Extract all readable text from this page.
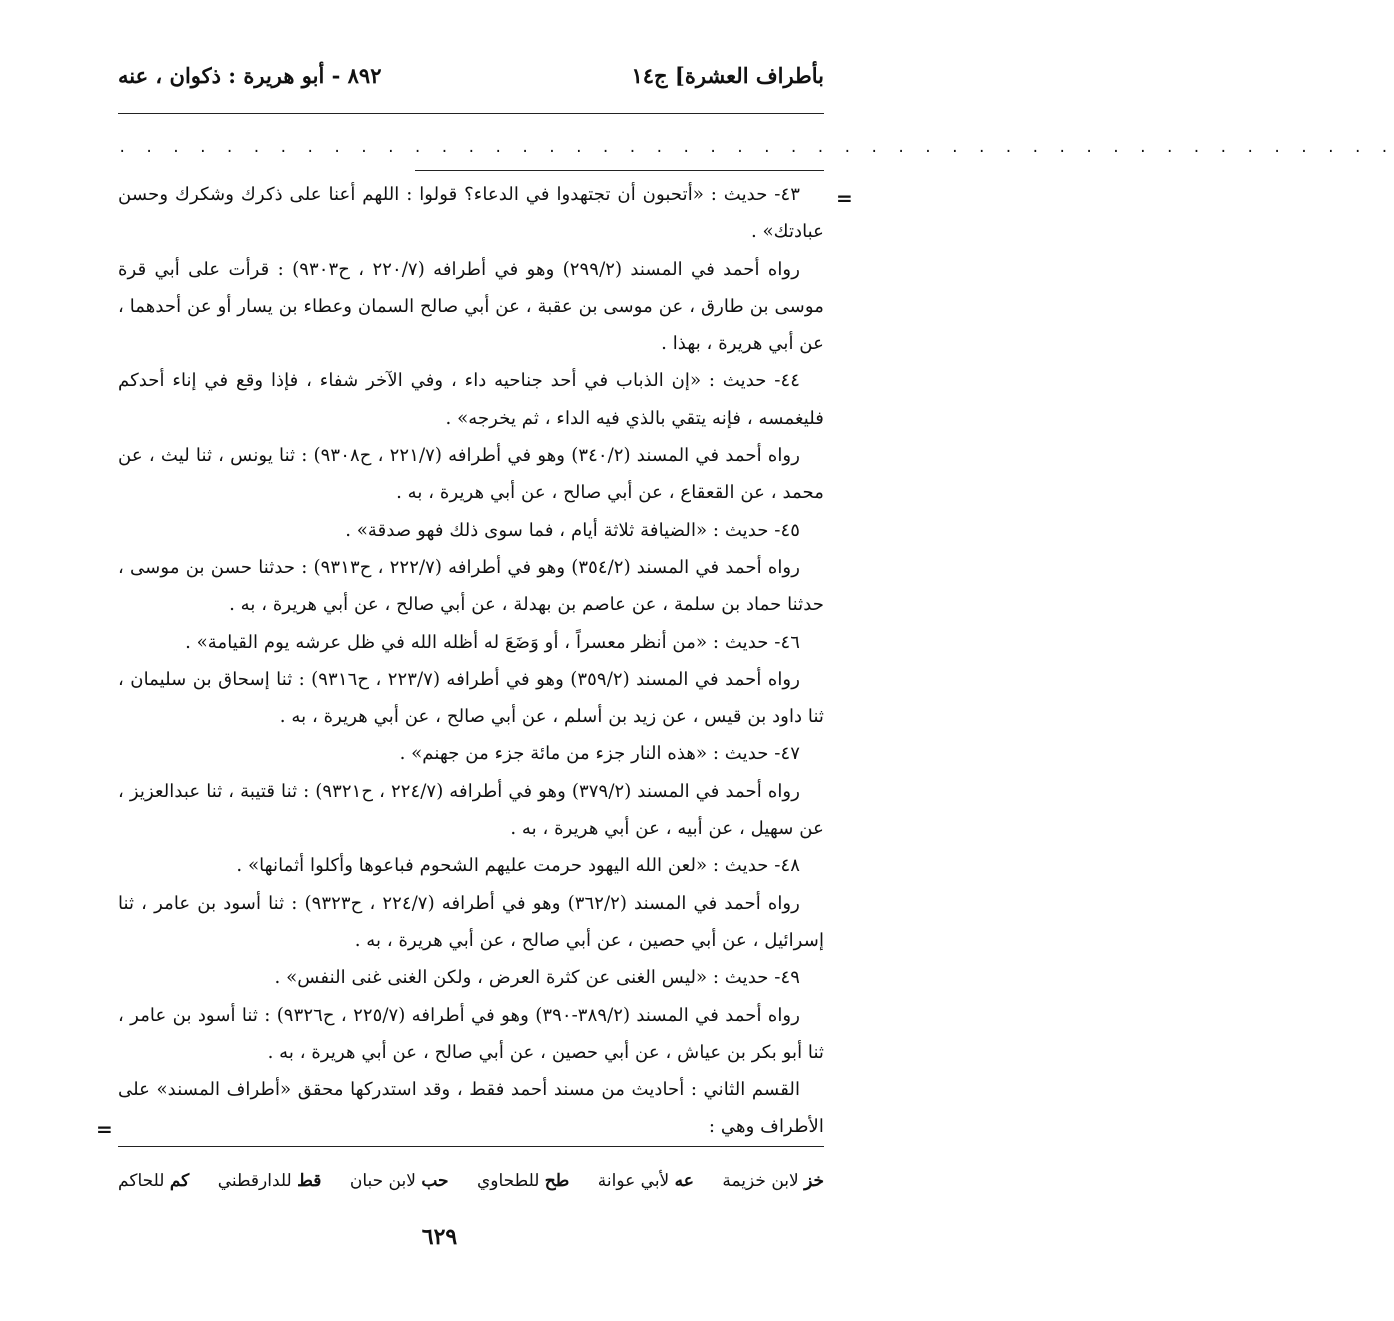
بأطراف العشرة] ج١٤
٨٩٢ - أبو هريرة : ذكوان ، عنه
. . . . . . . . . . . . . . . . . . . . . . . . . . . . . . . . . . . . . . . . . . . . . . . .
=

٤٣- حديث : «أتحبون أن تجتهدوا في الدعاء؟ قولوا : اللهم أعنا على ذكرك وشكرك وحسن عبادتك» .

رواه أحمد في المسند (٢٩٩/٢) وهو في أطرافه (٢٢٠/٧ ، ح٩٣٠٣) : قرأت على أبي قرة موسى بن طارق ، عن موسى بن عقبة ، عن أبي صالح السمان وعطاء بن يسار أو عن أحدهما ، عن أبي هريرة ، بهذا .

٤٤- حديث : «إن الذباب في أحد جناحيه داء ، وفي الآخر شفاء ، فإذا وقع في إناء أحدكم فليغمسه ، فإنه يتقي بالذي فيه الداء ، ثم يخرجه» .

رواه أحمد في المسند (٣٤٠/٢) وهو في أطرافه (٢٢١/٧ ، ح٩٣٠٨) : ثنا يونس ، ثنا ليث ، عن محمد ، عن القعقاع ، عن أبي صالح ، عن أبي هريرة ، به .

٤٥- حديث : «الضيافة ثلاثة أيام ، فما سوى ذلك فهو صدقة» .

رواه أحمد في المسند (٣٥٤/٢) وهو في أطرافه (٢٢٢/٧ ، ح٩٣١٣) : حدثنا حسن بن موسى ، حدثنا حماد بن سلمة ، عن عاصم بن بهدلة ، عن أبي صالح ، عن أبي هريرة ، به .

٤٦- حديث : «من أنظر معسراً ، أو وَضَعَ له أظله الله في ظل عرشه يوم القيامة» .

رواه أحمد في المسند (٣٥٩/٢) وهو في أطرافه (٢٢٣/٧ ، ح٩٣١٦) : ثنا إسحاق بن سليمان ، ثنا داود بن قيس ، عن زيد بن أسلم ، عن أبي صالح ، عن أبي هريرة ، به .

٤٧- حديث : «هذه النار جزء من مائة جزء من جهنم» .

رواه أحمد في المسند (٣٧٩/٢) وهو في أطرافه (٢٢٤/٧ ، ح٩٣٢١) : ثنا قتيبة ، ثنا عبدالعزيز ، عن سهيل ، عن أبيه ، عن أبي هريرة ، به .

٤٨- حديث : «لعن الله اليهود حرمت عليهم الشحوم فباعوها وأكلوا أثمانها» .

رواه أحمد في المسند (٣٦٢/٢) وهو في أطرافه (٢٢٤/٧ ، ح٩٣٢٣) : ثنا أسود بن عامر ، ثنا إسرائيل ، عن أبي حصين ، عن أبي صالح ، عن أبي هريرة ، به .

٤٩- حديث : «ليس الغنى عن كثرة العرض ، ولكن الغنى غنى النفس» .

رواه أحمد في المسند (٣٨٩/٢-٣٩٠) وهو في أطرافه (٢٢٥/٧ ، ح٩٣٢٦) : ثنا أسود بن عامر ، ثنا أبو بكر بن عياش ، عن أبي حصين ، عن أبي صالح ، عن أبي هريرة ، به .

القسم الثاني : أحاديث من مسند أحمد فقط ، وقد استدركها محقق «أطراف المسند» على الأطراف وهي :

=
خز لابن خزيمة
عه لأبي عوانة
طح للطحاوي
حب لابن حبان
قط للدارقطني
كم للحاكم
٦٢٩
